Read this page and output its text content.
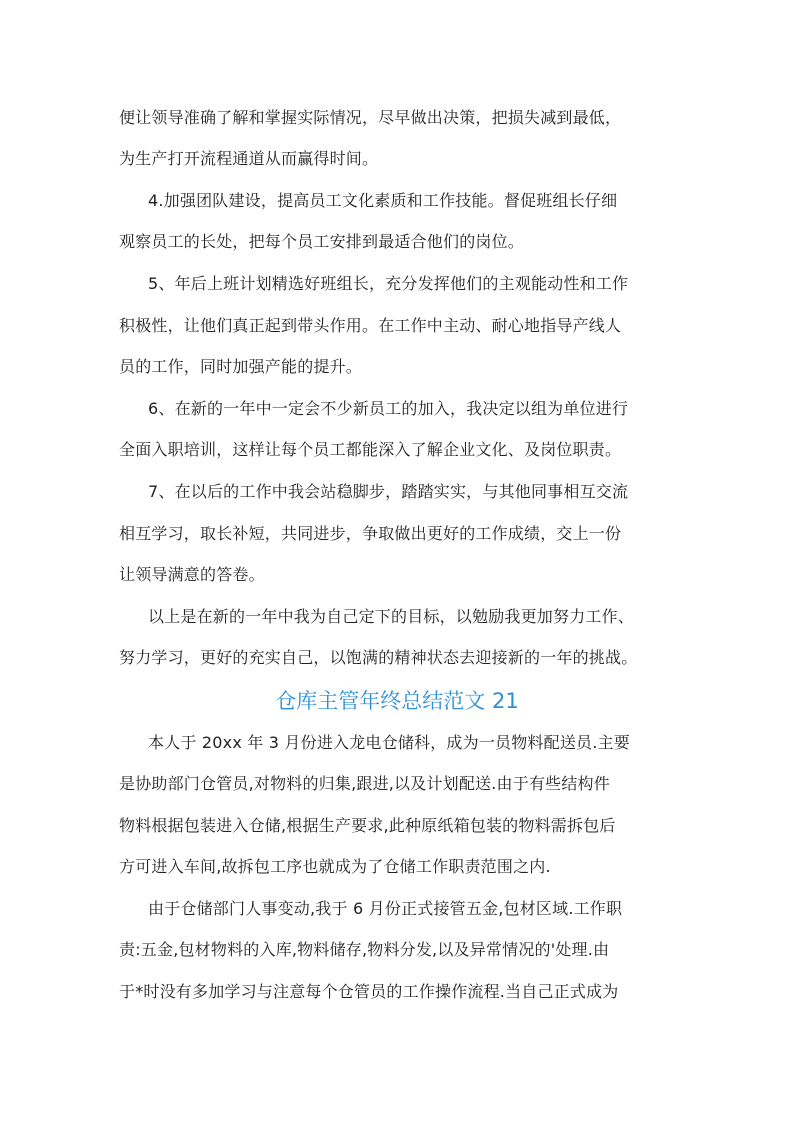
便让领导准确了解和掌握实际情况，尽早做出决策，把损失减到最低，
为生产打开流程通道从而赢得时间。
4.加强团队建设，提高员工文化素质和工作技能。督促班组长仔细
观察员工的长处，把每个员工安排到最适合他们的岗位。
5、年后上班计划精选好班组长，充分发挥他们的主观能动性和工作
积极性，让他们真正起到带头作用。在工作中主动、耐心地指导产线人
员的工作，同时加强产能的提升。
6、在新的一年中一定会不少新员工的加入，我决定以组为单位进行
全面入职培训，这样让每个员工都能深入了解企业文化、及岗位职责。
7、在以后的工作中我会站稳脚步，踏踏实实，与其他同事相互交流
相互学习，取长补短，共同进步，争取做出更好的工作成绩，交上一份
让领导满意的答卷。
以上是在新的一年中我为自己定下的目标，以勉励我更加努力工作、
努力学习，更好的充实自己，以饱满的精神状态去迎接新的一年的挑战。
仓库主管年终总结范文 21
本人于 20xx 年 3 月份进入龙电仓储科，成为一员物料配送员.主要
是协助部门仓管员,对物料的归集,跟进,以及计划配送.由于有些结构件
物料根据包装进入仓储,根据生产要求,此种原纸箱包装的物料需拆包后
方可进入车间,故拆包工序也就成为了仓储工作职责范围之内.
由于仓储部门人事变动,我于 6 月份正式接管五金,包材区域.工作职
责:五金,包材物料的入库,物料储存,物料分发,以及异常情况的'处理.由
于*时没有多加学习与注意每个仓管员的工作操作流程.当自己正式成为
